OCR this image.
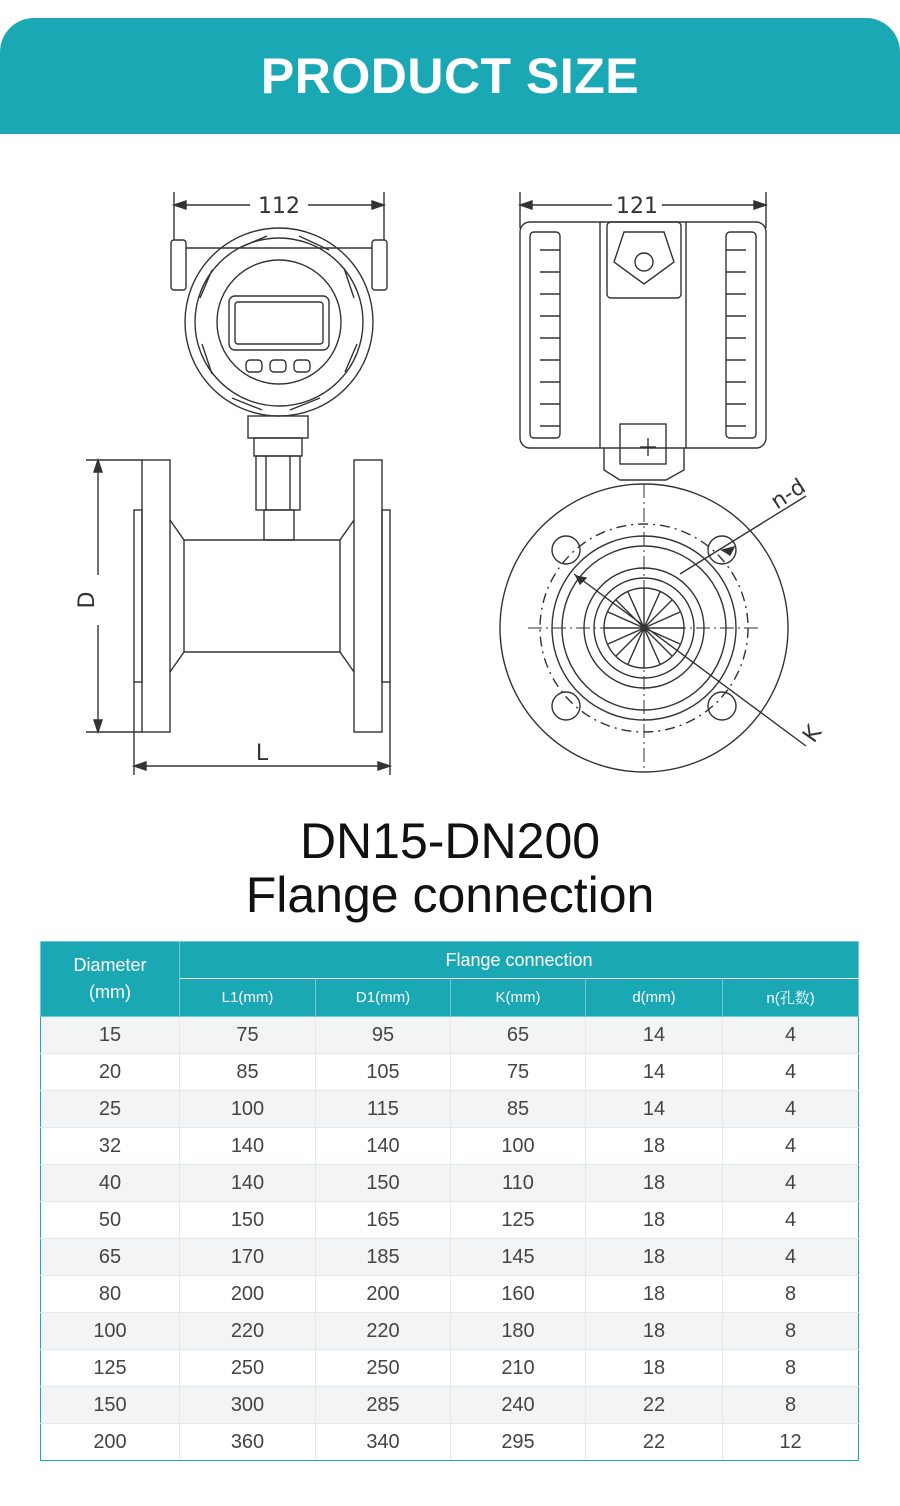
PRODUCT SIZE
112
D
L
121
n-d
K
DN15-DN200
Flange connection
Diameter
(mm)	Flange connection				
	L1(mm)	D1(mm)	K(mm)	d(mm)	n(孔数)
15	75	95	65	14	4
20	85	105	75	14	4
25	100	115	85	14	4
32	140	140	100	18	4
40	140	150	110	18	4
50	150	165	125	18	4
65	170	185	145	18	4
80	200	200	160	18	8
100	220	220	180	18	8
125	250	250	210	18	8
150	300	285	240	22	8
200	360	340	295	22	12
